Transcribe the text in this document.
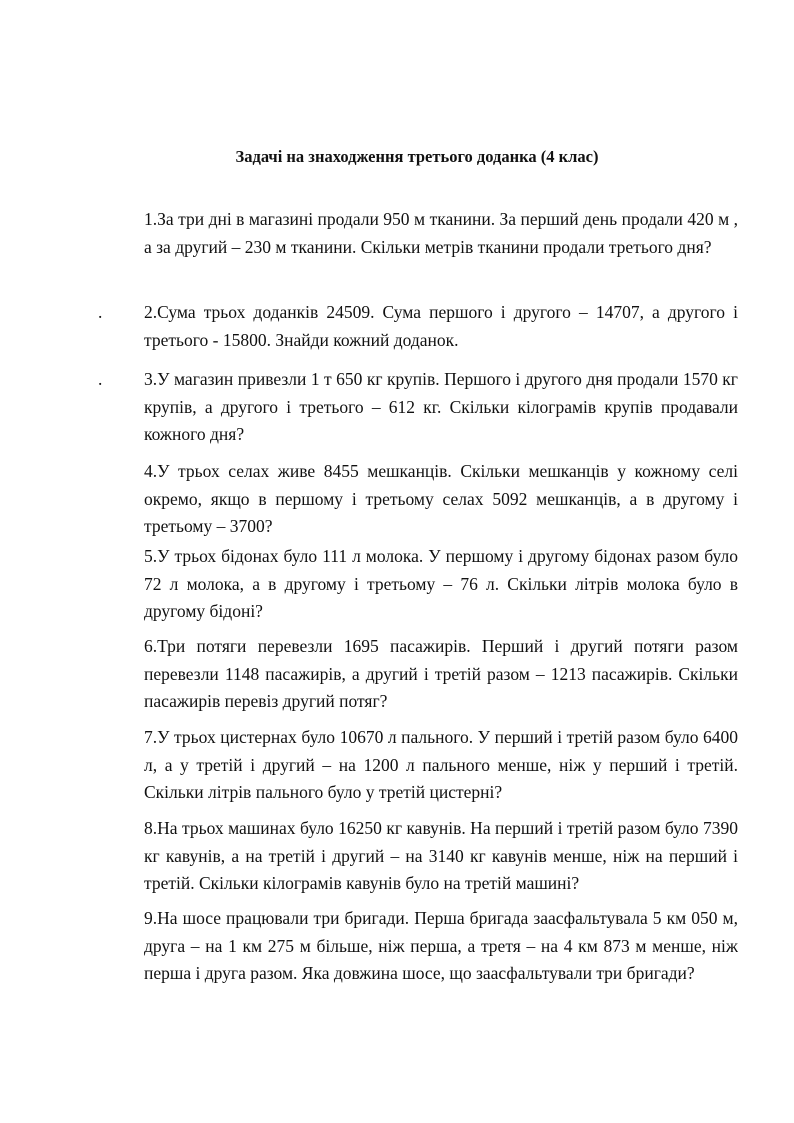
Задачі на знаходження третього доданка (4 клас)
.
.

1.За три дні в магазині продали 950 м тканини. За перший день продали 420 м , а за другий – 230 м тканини. Скільки метрів тканини продали третього дня?

2.Сума трьох доданків 24509. Сума першого і другого – 14707, а другого і третього - 15800. Знайди кожний доданок.

3.У магазин привезли 1 т 650 кг крупів. Першого і другого дня продали 1570 кг крупів, а другого і третього – 612 кг. Скільки кілограмів крупів продавали кожного дня?

4.У трьох селах живе 8455 мешканців. Скільки мешканців у кожному селі окремо, якщо в першому і третьому селах 5092 мешканців, а в другому і третьому – 3700?

5.У трьох бідонах було 111 л молока. У першому і другому бідонах разом було 72 л молока, а в другому і третьому – 76 л. Скільки літрів молока було в другому бідоні?

6.Три потяги перевезли 1695 пасажирів. Перший і другий потяги разом перевезли 1148 пасажирів, а другий і третій разом – 1213 пасажирів. Скільки пасажирів перевіз другий потяг?

7.У трьох цистернах було 10670 л пального. У перший і третій разом було 6400 л, а у третій і другий – на 1200 л пального менше, ніж у перший і третій. Скільки літрів пального було у третій цистерні?

8.На трьох машинах було 16250 кг кавунів. На перший і третій разом було 7390 кг кавунів, а на третій і другий – на 3140 кг кавунів менше, ніж на перший і третій. Скільки кілограмів кавунів було на третій машині?

9.На шосе працювали три бригади. Перша бригада заасфальтувала 5 км 050 м, друга – на 1 км 275 м більше, ніж перша, а третя – на 4 км 873 м менше, ніж перша і друга разом. Яка довжина шосе, що заасфальтували три бригади?
